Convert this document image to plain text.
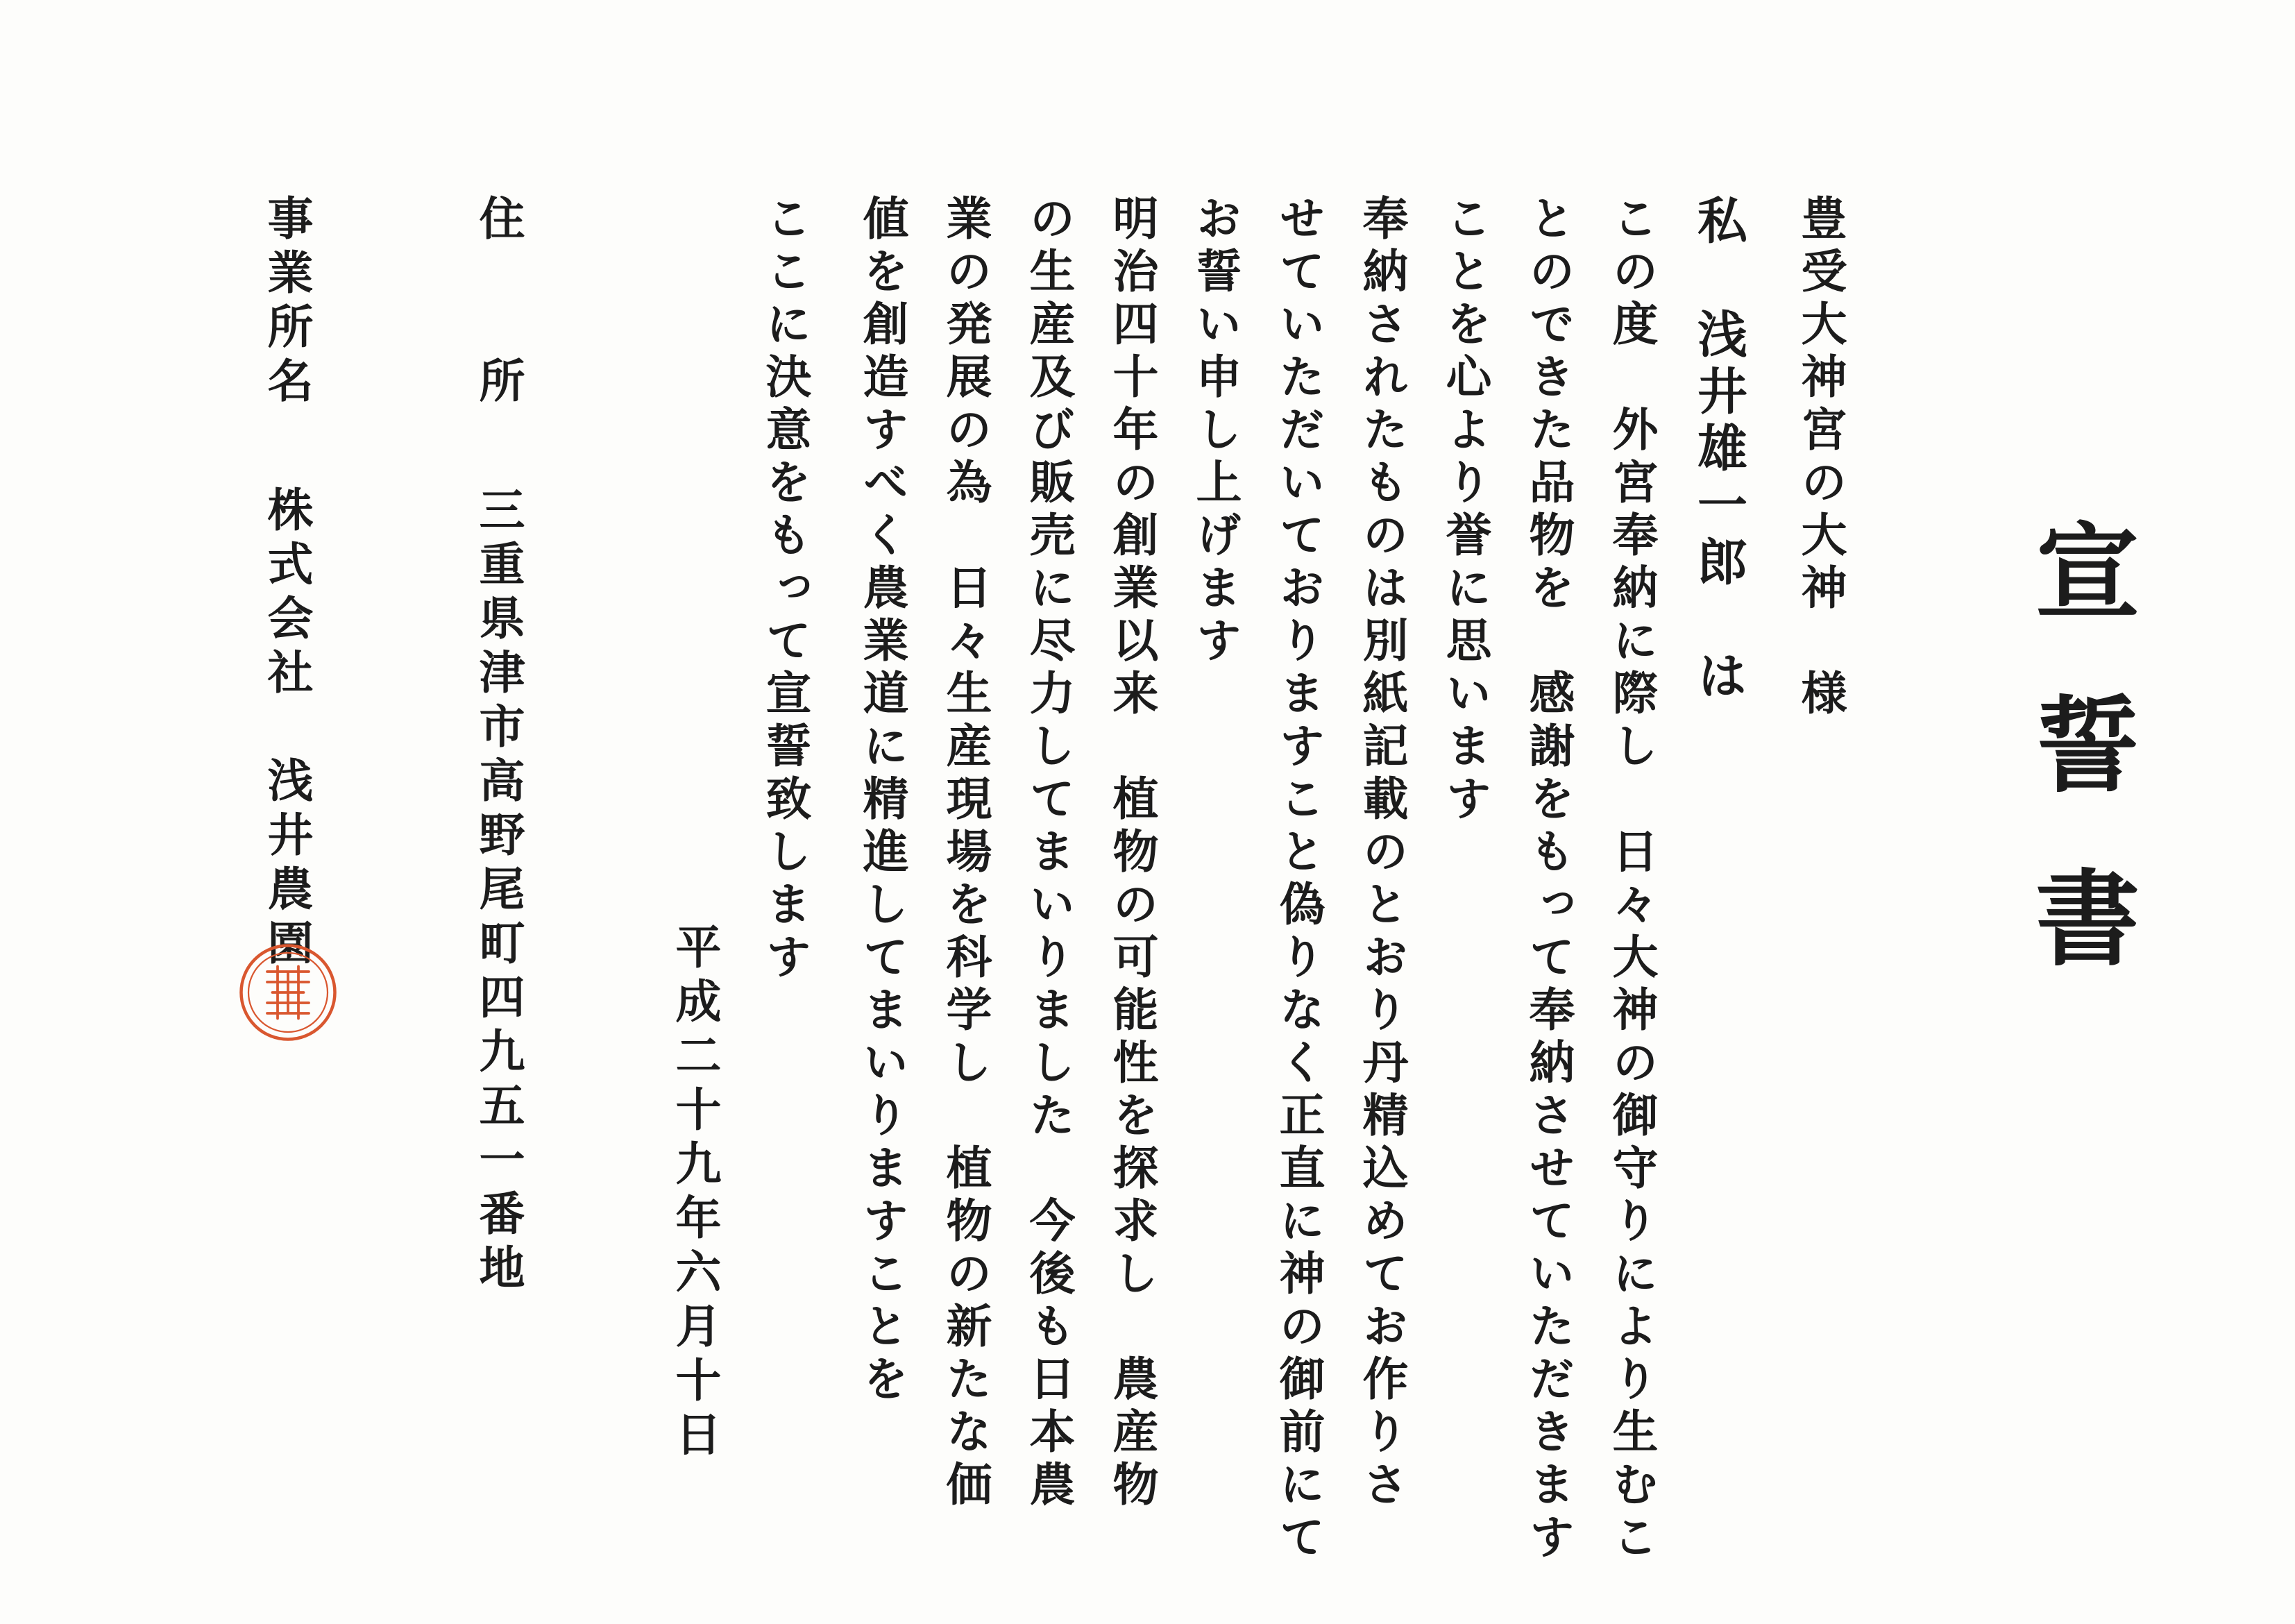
宣誓書
豊受大神宮の大神　様
私　浅井雄一郎　は
この度　外宮奉納に際し　日々大神の御守りにより生むこ
とのできた品物を　感謝をもって奉納させていただきます
ことを心より誉に思います
奉納されたものは別紙記載のとおり丹精込めてお作りさ
せていただいておりますこと偽りなく正直に神の御前にて
お誓い申し上げます
明治四十年の創業以来　植物の可能性を探求し　農産物
の生産及び販売に尽力してまいりました　今後も日本農
業の発展の為　日々生産現場を科学し　植物の新たな価
値を創造すべく農業道に精進してまいりますことを
ここに決意をもって宣誓致します
平成二十九年六月十日
住　　所
三重県津市高野尾町四九五一番地
事業所名
株式会社　浅井農園
